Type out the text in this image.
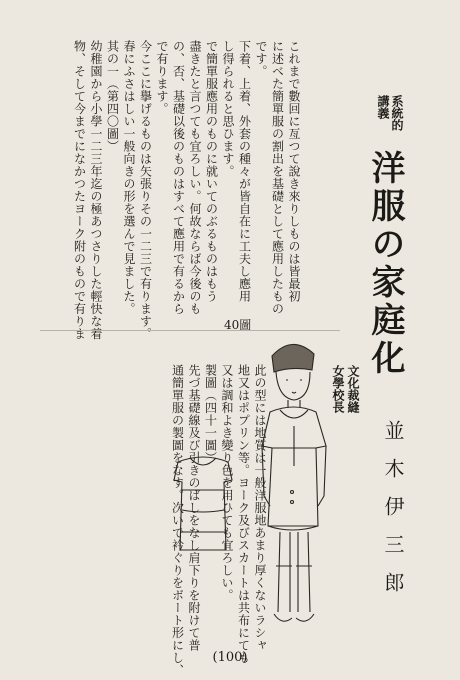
これまで數回に亙つて說き來りしものは皆最初
に述べた簡單服の割出を基礎として應用したもの
です。
下着、上着、外套の種々が皆自在に工夫し應用
し得られると思ひます。
で簡單服應用のものに就いてのぶるものはもう
盡きたと言つても宜ろしい。何故ならば今後のも
の、否、基礎以後のものはすべて應用で有るから
で有ります。
今ここに擧げるものは矢張りその一二三で有ります。
春にふさはしい一般向きの形を選んで見ました。
其の一（第四〇圖）
幼稚園から小學一二三年迄の極あつさりした輕快な着
物、そして今までになかつたヨーク附のもので有りま	系統的
講義
洋服の家庭化
40圖
此の型には地質は一般洋服地あまり厚くないラシャ
地又はポプリン等。ヨーク及びスカートは共布にても
又は調和よき變り色を用ひても宜ろしい。
製圖（四十一圖）
先づ基礎線及び引きのばしをなし肩下りを附けて普
通簡單服の製圖をなす。次いで衿ぐりをボート形にし、	文化裁縫
女學校長
並木伊三郎
(100)
